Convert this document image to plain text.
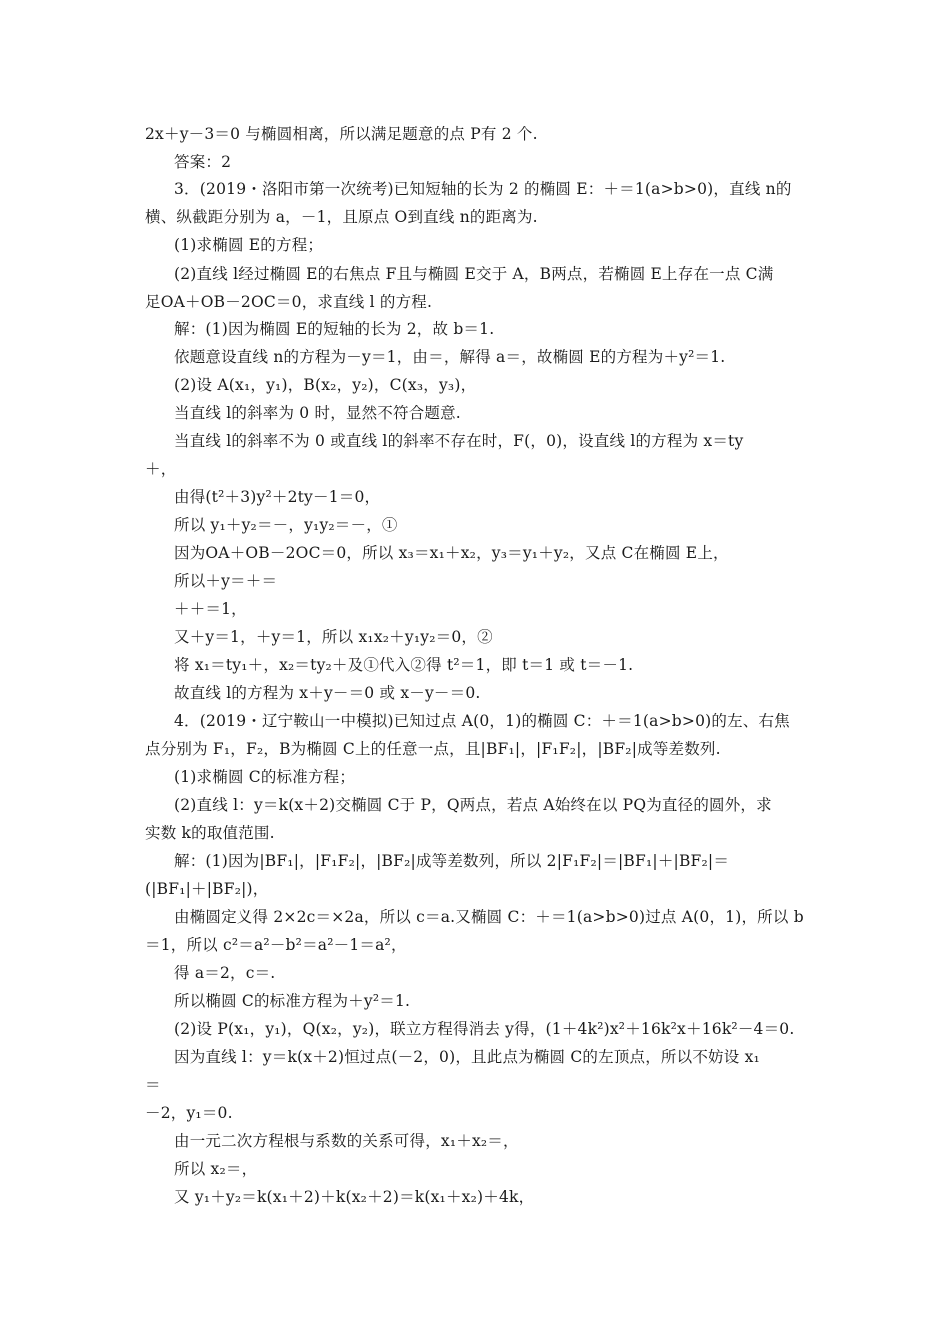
2x＋y－3＝0 与椭圆相离，所以满足题意的点 P有 2 个.
答案：2
3．(2019・洛阳市第一次统考)已知短轴的长为 2 的椭圆 E：＋＝1(a>b>0)，直线 n的
横、纵截距分别为 a，－1，且原点 O到直线 n的距离为.
(1)求椭圆 E的方程；
(2)直线 l经过椭圆 E的右焦点 F且与椭圆 E交于 A，B两点，若椭圆 E上存在一点 C满
足OA＋OB－2OC＝0，求直线 l 的方程.
解：(1)因为椭圆 E的短轴的长为 2，故 b＝1.
依题意设直线 n的方程为－y＝1，由＝，解得 a＝，故椭圆 E的方程为＋y²＝1.
(2)设 A(x₁，y₁)，B(x₂，y₂)，C(x₃，y₃)，
当直线 l的斜率为 0 时，显然不符合题意.
当直线 l的斜率不为 0 或直线 l的斜率不存在时，F(，0)，设直线 l的方程为 x＝ty
＋，
由得(t²＋3)y²＋2ty－1＝0，
所以 y₁＋y₂＝－，y₁y₂＝－，①
因为OA＋OB－2OC＝0，所以 x₃＝x₁＋x₂，y₃＝y₁＋y₂，又点 C在椭圆 E上，
所以＋y＝＋＝
＋＋＝1，
又＋y＝1，＋y＝1，所以 x₁x₂＋y₁y₂＝0，②
将 x₁＝ty₁＋，x₂＝ty₂＋及①代入②得 t²＝1，即 t＝1 或 t＝－1.
故直线 l的方程为 x＋y－＝0 或 x－y－＝0.
4．(2019・辽宁鞍山一中模拟)已知过点 A(0，1)的椭圆 C：＋＝1(a>b>0)的左、右焦
点分别为 F₁，F₂，B为椭圆 C上的任意一点，且|BF₁|，|F₁F₂|，|BF₂|成等差数列.
(1)求椭圆 C的标准方程；
(2)直线 l：y＝k(x＋2)交椭圆 C于 P，Q两点，若点 A始终在以 PQ为直径的圆外，求
实数 k的取值范围.
解：(1)因为|BF₁|，|F₁F₂|，|BF₂|成等差数列，所以 2|F₁F₂|＝|BF₁|＋|BF₂|＝
(|BF₁|＋|BF₂|)，
由椭圆定义得 2×2c＝×2a，所以 c＝a.又椭圆 C：＋＝1(a>b>0)过点 A(0，1)，所以 b
＝1，所以 c²＝a²－b²＝a²－1＝a²，
得 a＝2，c＝.
所以椭圆 C的标准方程为＋y²＝1.
(2)设 P(x₁，y₁)，Q(x₂，y₂)，联立方程得消去 y得，(1＋4k²)x²＋16k²x＋16k²－4＝0.
因为直线 l：y＝k(x＋2)恒过点(－2，0)，且此点为椭圆 C的左顶点，所以不妨设 x₁
＝
－2，y₁＝0.
由一元二次方程根与系数的关系可得，x₁＋x₂＝，
所以 x₂＝，
又 y₁＋y₂＝k(x₁＋2)＋k(x₂＋2)＝k(x₁＋x₂)＋4k，
